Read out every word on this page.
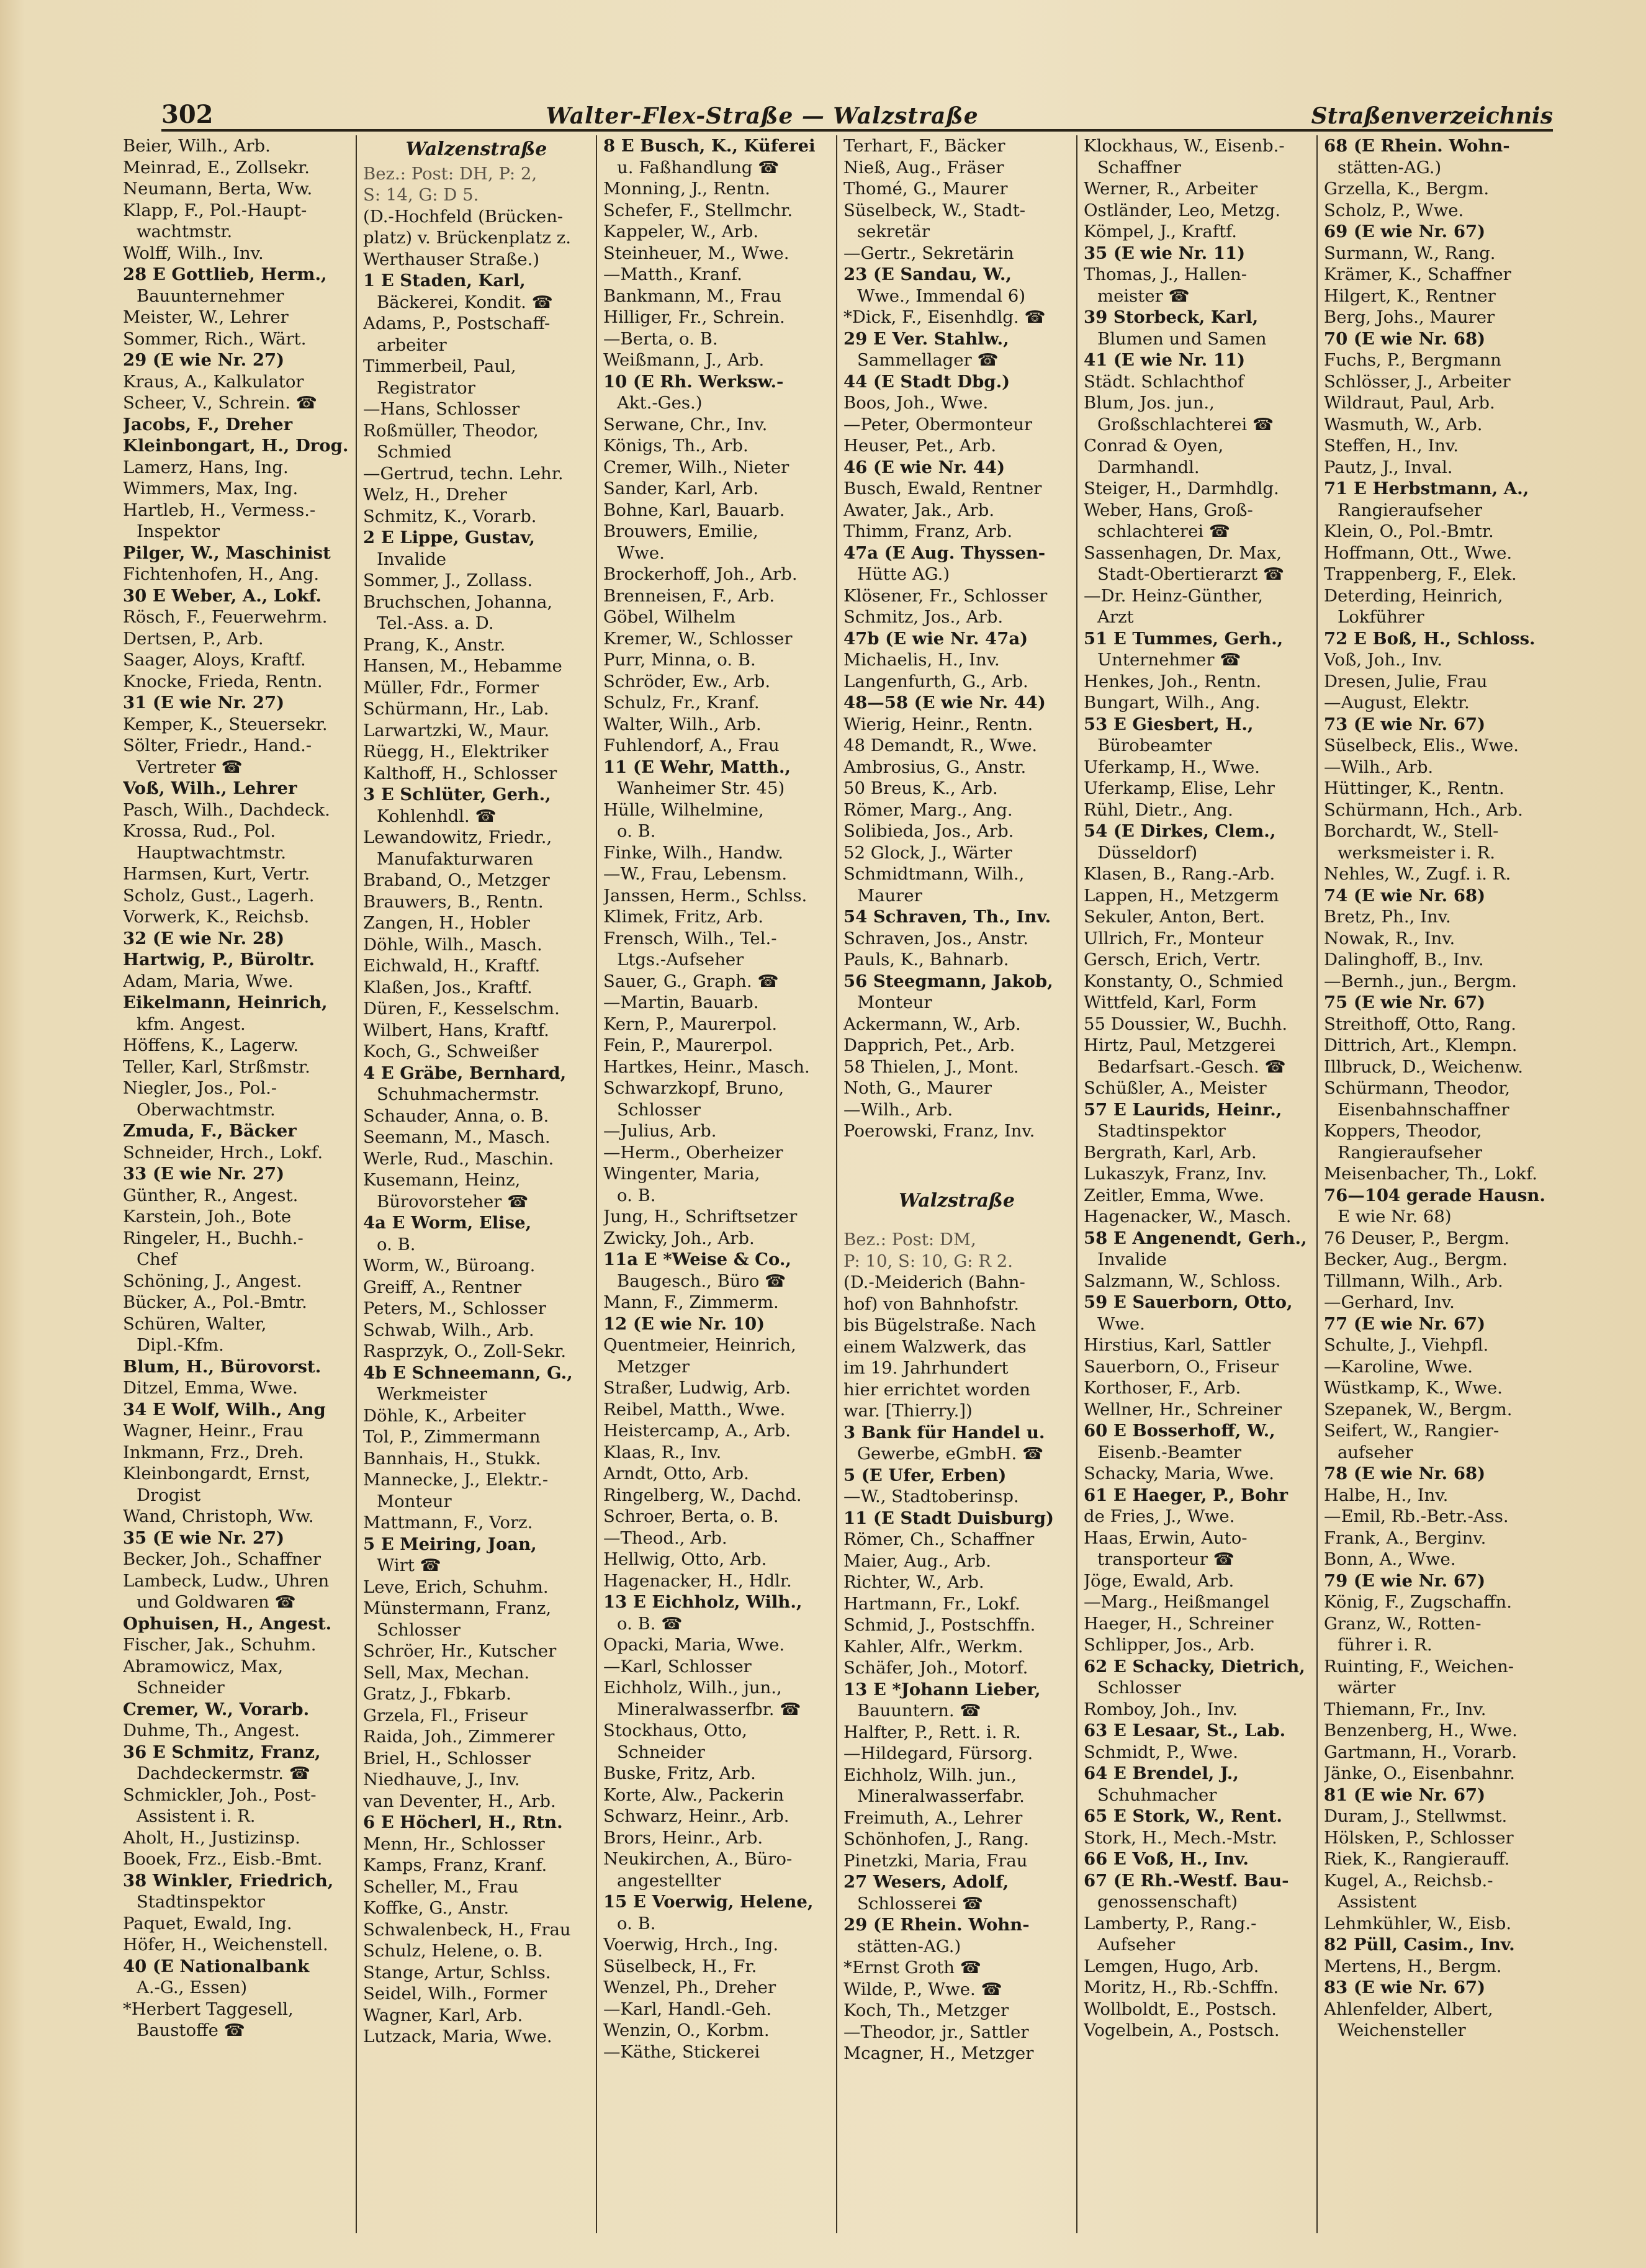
302	Walter-Flex-Straße — Walzstraße	Straßenverzeichnis
Beier, Wilh., Arb.
Meinrad, E., Zollsekr.
Neumann, Berta, Ww.
Klapp, F., Pol.-Haupt-
wachtmstr.
Wolff, Wilh., Inv.
28 E Gottlieb, Herm.,
Bauunternehmer
Meister, W., Lehrer
Sommer, Rich., Wärt.
29 (E wie Nr. 27)
Kraus, A., Kalkulator
Scheer, V., Schrein. ☎
Jacobs, F., Dreher
Kleinbongart, H., Drog.
Lamerz, Hans, Ing.
Wimmers, Max, Ing.
Hartleb, H., Vermess.-
Inspektor
Pilger, W., Maschinist
Fichtenhofen, H., Ang.
30 E Weber, A., Lokf.
Rösch, F., Feuerwehrm.
Dertsen, P., Arb.
Saager, Aloys, Kraftf.
Knocke, Frieda, Rentn.
31 (E wie Nr. 27)
Kemper, K., Steuersekr.
Sölter, Friedr., Hand.-
Vertreter ☎
Voß, Wilh., Lehrer
Pasch, Wilh., Dachdeck.
Krossa, Rud., Pol.
Hauptwachtmstr.
Harmsen, Kurt, Vertr.
Scholz, Gust., Lagerh.
Vorwerk, K., Reichsb.
32 (E wie Nr. 28)
Hartwig, P., Büroltr.
Adam, Maria, Wwe.
Eikelmann, Heinrich,
kfm. Angest.
Höffens, K., Lagerw.
Teller, Karl, Strßmstr.
Niegler, Jos., Pol.-
Oberwachtmstr.
Zmuda, F., Bäcker
Schneider, Hrch., Lokf.
33 (E wie Nr. 27)
Günther, R., Angest.
Karstein, Joh., Bote
Ringeler, H., Buchh.-
Chef
Schöning, J., Angest.
Bücker, A., Pol.-Bmtr.
Schüren, Walter,
Dipl.-Kfm.
Blum, H., Bürovorst.
Ditzel, Emma, Wwe.
34 E Wolf, Wilh., Ang
Wagner, Heinr., Frau
Inkmann, Frz., Dreh.
Kleinbongardt, Ernst,
Drogist
Wand, Christoph, Ww.
35 (E wie Nr. 27)
Becker, Joh., Schaffner
Lambeck, Ludw., Uhren
und Goldwaren ☎
Ophuisen, H., Angest.
Fischer, Jak., Schuhm.
Abramowicz, Max,
Schneider
Cremer, W., Vorarb.
Duhme, Th., Angest.
36 E Schmitz, Franz,
Dachdeckermstr. ☎
Schmickler, Joh., Post-
Assistent i. R.
Aholt, H., Justizinsp.
Booek, Frz., Eisb.-Bmt.
38 Winkler, Friedrich,
Stadtinspektor
Paquet, Ewald, Ing.
Höfer, H., Weichenstell.
40 (E Nationalbank
A.-G., Essen)
*Herbert Taggesell,
Baustoffe ☎
Walzenstraße
Bez.: Post: DH, P: 2,
S: 14, G: D 5.
(D.-Hochfeld (Brücken-
platz) v. Brückenplatz z.
Werthauser Straße.)
1 E Staden, Karl,
Bäckerei, Kondit. ☎
Adams, P., Postschaff-
arbeiter
Timmerbeil, Paul,
Registrator
—Hans, Schlosser
Roßmüller, Theodor,
Schmied
—Gertrud, techn. Lehr.
Welz, H., Dreher
Schmitz, K., Vorarb.
2 E Lippe, Gustav,
Invalide
Sommer, J., Zollass.
Bruchschen, Johanna,
Tel.-Ass. a. D.
Prang, K., Anstr.
Hansen, M., Hebamme
Müller, Fdr., Former
Schürmann, Hr., Lab.
Larwartzki, W., Maur.
Rüegg, H., Elektriker
Kalthoff, H., Schlosser
3 E Schlüter, Gerh.,
Kohlenhdl. ☎
Lewandowitz, Friedr.,
Manufakturwaren
Braband, O., Metzger
Brauwers, B., Rentn.
Zangen, H., Hobler
Döhle, Wilh., Masch.
Eichwald, H., Kraftf.
Klaßen, Jos., Kraftf.
Düren, F., Kesselschm.
Wilbert, Hans, Kraftf.
Koch, G., Schweißer
4 E Gräbe, Bernhard,
Schuhmachermstr.
Schauder, Anna, o. B.
Seemann, M., Masch.
Werle, Rud., Maschin.
Kusemann, Heinz,
Bürovorsteher ☎
4a E Worm, Elise,
o. B.
Worm, W., Büroang.
Greiff, A., Rentner
Peters, M., Schlosser
Schwab, Wilh., Arb.
Rasprzyk, O., Zoll-Sekr.
4b E Schneemann, G.,
Werkmeister
Döhle, K., Arbeiter
Tol, P., Zimmermann
Bannhais, H., Stukk.
Mannecke, J., Elektr.-
Monteur
Mattmann, F., Vorz.
5 E Meiring, Joan,
Wirt ☎
Leve, Erich, Schuhm.
Münstermann, Franz,
Schlosser
Schröer, Hr., Kutscher
Sell, Max, Mechan.
Gratz, J., Fbkarb.
Grzela, Fl., Friseur
Raida, Joh., Zimmerer
Briel, H., Schlosser
Niedhauve, J., Inv.
van Deventer, H., Arb.
6 E Höcherl, H., Rtn.
Menn, Hr., Schlosser
Kamps, Franz, Kranf.
Scheller, M., Frau
Koffke, G., Anstr.
Schwalenbeck, H., Frau
Schulz, Helene, o. B.
Stange, Artur, Schlss.
Seidel, Wilh., Former
Wagner, Karl, Arb.
Lutzack, Maria, Wwe.
8 E Busch, K., Küferei
u. Faßhandlung ☎
Monning, J., Rentn.
Schefer, F., Stellmchr.
Kappeler, W., Arb.
Steinheuer, M., Wwe.
—Matth., Kranf.
Bankmann, M., Frau
Hilliger, Fr., Schrein.
—Berta, o. B.
Weißmann, J., Arb.
10 (E Rh. Werksw.-
Akt.-Ges.)
Serwane, Chr., Inv.
Königs, Th., Arb.
Cremer, Wilh., Nieter
Sander, Karl, Arb.
Bohne, Karl, Bauarb.
Brouwers, Emilie,
Wwe.
Brockerhoff, Joh., Arb.
Brenneisen, F., Arb.
Göbel, Wilhelm
Kremer, W., Schlosser
Purr, Minna, o. B.
Schröder, Ew., Arb.
Schulz, Fr., Kranf.
Walter, Wilh., Arb.
Fuhlendorf, A., Frau
11 (E Wehr, Matth.,
Wanheimer Str. 45)
Hülle, Wilhelmine,
o. B.
Finke, Wilh., Handw.
—W., Frau, Lebensm.
Janssen, Herm., Schlss.
Klimek, Fritz, Arb.
Frensch, Wilh., Tel.-
Ltgs.-Aufseher
Sauer, G., Graph. ☎
—Martin, Bauarb.
Kern, P., Maurerpol.
Fein, P., Maurerpol.
Hartkes, Heinr., Masch.
Schwarzkopf, Bruno,
Schlosser
—Julius, Arb.
—Herm., Oberheizer
Wingenter, Maria,
o. B.
Jung, H., Schriftsetzer
Zwicky, Joh., Arb.
11a E *Weise & Co.,
Baugesch., Büro ☎
Mann, F., Zimmerm.
12 (E wie Nr. 10)
Quentmeier, Heinrich,
Metzger
Straßer, Ludwig, Arb.
Reibel, Matth., Wwe.
Heistercamp, A., Arb.
Klaas, R., Inv.
Arndt, Otto, Arb.
Ringelberg, W., Dachd.
Schroer, Berta, o. B.
—Theod., Arb.
Hellwig, Otto, Arb.
Hagenacker, H., Hdlr.
13 E Eichholz, Wilh.,
o. B. ☎
Opacki, Maria, Wwe.
—Karl, Schlosser
Eichholz, Wilh., jun.,
Mineralwasserfbr. ☎
Stockhaus, Otto,
Schneider
Buske, Fritz, Arb.
Korte, Alw., Packerin
Schwarz, Heinr., Arb.
Brors, Heinr., Arb.
Neukirchen, A., Büro-
angestellter
15 E Voerwig, Helene,
o. B.
Voerwig, Hrch., Ing.
Süselbeck, H., Fr.
Wenzel, Ph., Dreher
—Karl, Handl.-Geh.
Wenzin, O., Korbm.
—Käthe, Stickerei
Terhart, F., Bäcker
Nieß, Aug., Fräser
Thomé, G., Maurer
Süselbeck, W., Stadt-
sekretär
—Gertr., Sekretärin
23 (E Sandau, W.,
Wwe., Immendal 6)
*Dick, F., Eisenhdlg. ☎
29 E Ver. Stahlw.,
Sammellager ☎
44 (E Stadt Dbg.)
Boos, Joh., Wwe.
—Peter, Obermonteur
Heuser, Pet., Arb.
46 (E wie Nr. 44)
Busch, Ewald, Rentner
Awater, Jak., Arb.
Thimm, Franz, Arb.
47a (E Aug. Thyssen-
Hütte AG.)
Klösener, Fr., Schlosser
Schmitz, Jos., Arb.
47b (E wie Nr. 47a)
Michaelis, H., Inv.
Langenfurth, G., Arb.
48—58 (E wie Nr. 44)
Wierig, Heinr., Rentn.
48 Demandt, R., Wwe.
Ambrosius, G., Anstr.
50 Breus, K., Arb.
Römer, Marg., Ang.
Solibieda, Jos., Arb.
52 Glock, J., Wärter
Schmidtmann, Wilh.,
Maurer
54 Schraven, Th., Inv.
Schraven, Jos., Anstr.
Pauls, K., Bahnarb.
56 Steegmann, Jakob,
Monteur
Ackermann, W., Arb.
Dapprich, Pet., Arb.
58 Thielen, J., Mont.
Noth, G., Maurer
—Wilh., Arb.
Poerowski, Franz, Inv.
Walzstraße
Bez.: Post: DM,
P: 10, S: 10, G: R 2.
(D.-Meiderich (Bahn-
hof) von Bahnhofstr.
bis Bügelstraße. Nach
einem Walzwerk, das
im 19. Jahrhundert
hier errichtet worden
war. [Thierry.])
3 Bank für Handel u.
Gewerbe, eGmbH. ☎
5 (E Ufer, Erben)
—W., Stadtoberinsp.
11 (E Stadt Duisburg)
Römer, Ch., Schaffner
Maier, Aug., Arb.
Richter, W., Arb.
Hartmann, Fr., Lokf.
Schmid, J., Postschffn.
Kahler, Alfr., Werkm.
Schäfer, Joh., Motorf.
13 E *Johann Lieber,
Bauuntern. ☎
Halfter, P., Rett. i. R.
—Hildegard, Fürsorg.
Eichholz, Wilh. jun.,
Mineralwasserfabr.
Freimuth, A., Lehrer
Schönhofen, J., Rang.
Pinetzki, Maria, Frau
27 Wesers, Adolf,
Schlosserei ☎
29 (E Rhein. Wohn-
stätten-AG.)
*Ernst Groth ☎
Wilde, P., Wwe. ☎
Koch, Th., Metzger
—Theodor, jr., Sattler
Mcagner, H., Metzger
Klockhaus, W., Eisenb.-
Schaffner
Werner, R., Arbeiter
Ostländer, Leo, Metzg.
Kömpel, J., Kraftf.
35 (E wie Nr. 11)
Thomas, J., Hallen-
meister ☎
39 Storbeck, Karl,
Blumen und Samen
41 (E wie Nr. 11)
Städt. Schlachthof
Blum, Jos. jun.,
Großschlachterei ☎
Conrad & Oyen,
Darmhandl.
Steiger, H., Darmhdlg.
Weber, Hans, Groß-
schlachterei ☎
Sassenhagen, Dr. Max,
Stadt-Obertierarzt ☎
—Dr. Heinz-Günther,
Arzt
51 E Tummes, Gerh.,
Unternehmer ☎
Henkes, Joh., Rentn.
Bungart, Wilh., Ang.
53 E Giesbert, H.,
Bürobeamter
Uferkamp, H., Wwe.
Uferkamp, Elise, Lehr
Rühl, Dietr., Ang.
54 (E Dirkes, Clem.,
Düsseldorf)
Klasen, B., Rang.-Arb.
Lappen, H., Metzgerm
Sekuler, Anton, Bert.
Ullrich, Fr., Monteur
Gersch, Erich, Vertr.
Konstanty, O., Schmied
Wittfeld, Karl, Form
55 Doussier, W., Buchh.
Hirtz, Paul, Metzgerei
Bedarfsart.-Gesch. ☎
Schüßler, A., Meister
57 E Laurids, Heinr.,
Stadtinspektor
Bergrath, Karl, Arb.
Lukaszyk, Franz, Inv.
Zeitler, Emma, Wwe.
Hagenacker, W., Masch.
58 E Angenendt, Gerh.,
Invalide
Salzmann, W., Schloss.
59 E Sauerborn, Otto,
Wwe.
Hirstius, Karl, Sattler
Sauerborn, O., Friseur
Korthoser, F., Arb.
Wellner, Hr., Schreiner
60 E Bosserhoff, W.,
Eisenb.-Beamter
Schacky, Maria, Wwe.
61 E Haeger, P., Bohr
de Fries, J., Wwe.
Haas, Erwin, Auto-
transporteur ☎
Jöge, Ewald, Arb.
—Marg., Heißmangel
Haeger, H., Schreiner
Schlipper, Jos., Arb.
62 E Schacky, Dietrich,
Schlosser
Romboy, Joh., Inv.
63 E Lesaar, St., Lab.
Schmidt, P., Wwe.
64 E Brendel, J.,
Schuhmacher
65 E Stork, W., Rent.
Stork, H., Mech.-Mstr.
66 E Voß, H., Inv.
67 (E Rh.-Westf. Bau-
genossenschaft)
Lamberty, P., Rang.-
Aufseher
Lemgen, Hugo, Arb.
Moritz, H., Rb.-Schffn.
Wollboldt, E., Postsch.
Vogelbein, A., Postsch.
68 (E Rhein. Wohn-
stätten-AG.)
Grzella, K., Bergm.
Scholz, P., Wwe.
69 (E wie Nr. 67)
Surmann, W., Rang.
Krämer, K., Schaffner
Hilgert, K., Rentner
Berg, Johs., Maurer
70 (E wie Nr. 68)
Fuchs, P., Bergmann
Schlösser, J., Arbeiter
Wildraut, Paul, Arb.
Wasmuth, W., Arb.
Steffen, H., Inv.
Pautz, J., Inval.
71 E Herbstmann, A.,
Rangieraufseher
Klein, O., Pol.-Bmtr.
Hoffmann, Ott., Wwe.
Trappenberg, F., Elek.
Deterding, Heinrich,
Lokführer
72 E Boß, H., Schloss.
Voß, Joh., Inv.
Dresen, Julie, Frau
—August, Elektr.
73 (E wie Nr. 67)
Süselbeck, Elis., Wwe.
—Wilh., Arb.
Hüttinger, K., Rentn.
Schürmann, Hch., Arb.
Borchardt, W., Stell-
werksmeister i. R.
Nehles, W., Zugf. i. R.
74 (E wie Nr. 68)
Bretz, Ph., Inv.
Nowak, R., Inv.
Dalinghoff, B., Inv.
—Bernh., jun., Bergm.
75 (E wie Nr. 67)
Streithoff, Otto, Rang.
Dittrich, Art., Klempn.
Illbruck, D., Weichenw.
Schürmann, Theodor,
Eisenbahnschaffner
Koppers, Theodor,
Rangieraufseher
Meisenbacher, Th., Lokf.
76—104 gerade Hausn.
E wie Nr. 68)
76 Deuser, P., Bergm.
Becker, Aug., Bergm.
Tillmann, Wilh., Arb.
—Gerhard, Inv.
77 (E wie Nr. 67)
Schulte, J., Viehpfl.
—Karoline, Wwe.
Wüstkamp, K., Wwe.
Szepanek, W., Bergm.
Seifert, W., Rangier-
aufseher
78 (E wie Nr. 68)
Halbe, H., Inv.
—Emil, Rb.-Betr.-Ass.
Frank, A., Berginv.
Bonn, A., Wwe.
79 (E wie Nr. 67)
König, F., Zugschaffn.
Granz, W., Rotten-
führer i. R.
Ruinting, F., Weichen-
wärter
Thiemann, Fr., Inv.
Benzenberg, H., Wwe.
Gartmann, H., Vorarb.
Jänke, O., Eisenbahnr.
81 (E wie Nr. 67)
Duram, J., Stellwmst.
Hölsken, P., Schlosser
Riek, K., Rangierauff.
Kugel, A., Reichsb.-
Assistent
Lehmkühler, W., Eisb.
82 Püll, Casim., Inv.
Mertens, H., Bergm.
83 (E wie Nr. 67)
Ahlenfelder, Albert,
Weichensteller
